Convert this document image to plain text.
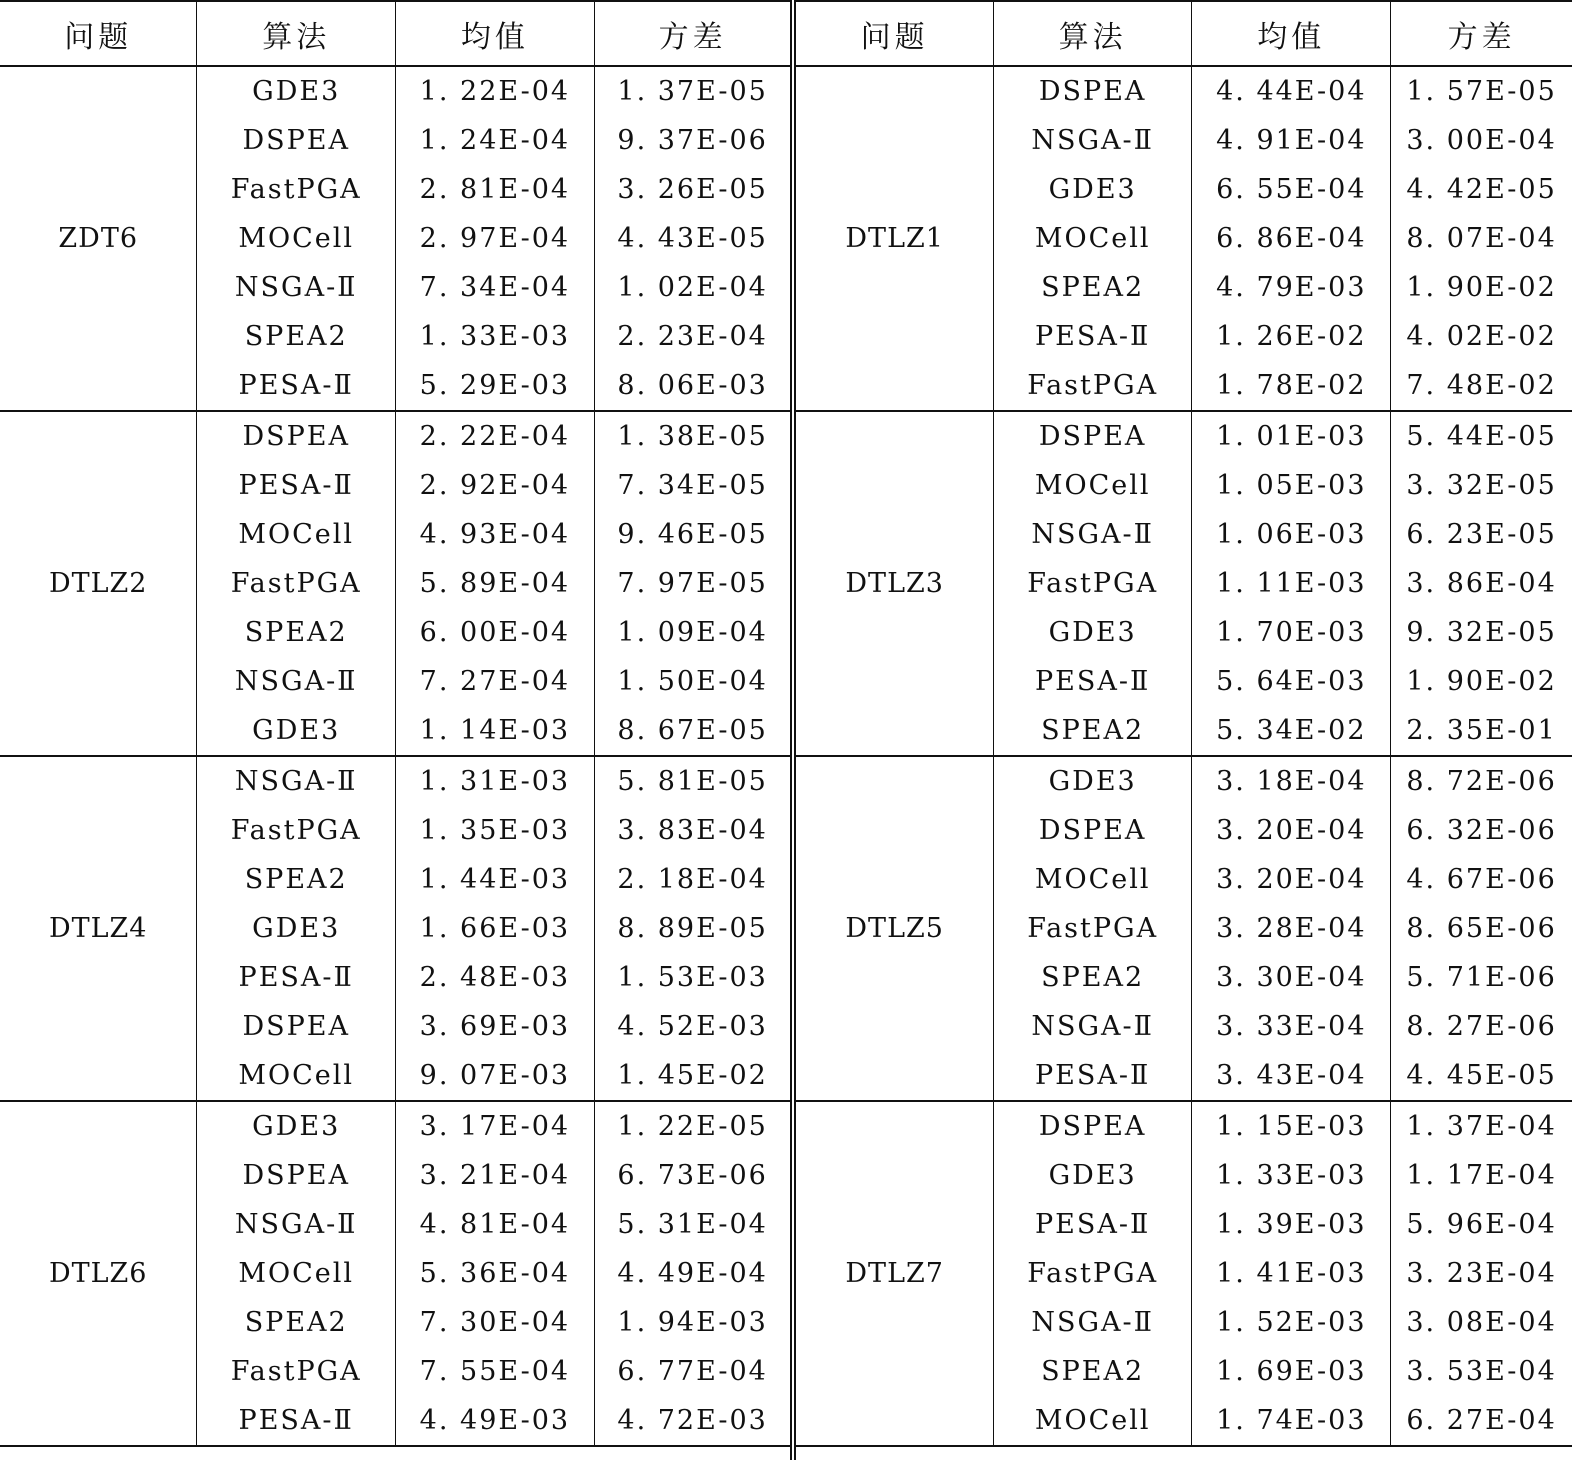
问题	算法	均值	方差
ZDT6	GDE3	1. 22E-04	1. 37E-05
	DSPEA	1. 24E-04	9. 37E-06
	FastPGA	2. 81E-04	3. 26E-05
	MOCell	2. 97E-04	4. 43E-05
	NSGA-Ⅱ	7. 34E-04	1. 02E-04
	SPEA2	1. 33E-03	2. 23E-04
	PESA-Ⅱ	5. 29E-03	8. 06E-03
DTLZ2	DSPEA	2. 22E-04	1. 38E-05
	PESA-Ⅱ	2. 92E-04	7. 34E-05
	MOCell	4. 93E-04	9. 46E-05
	FastPGA	5. 89E-04	7. 97E-05
	SPEA2	6. 00E-04	1. 09E-04
	NSGA-Ⅱ	7. 27E-04	1. 50E-04
	GDE3	1. 14E-03	8. 67E-05
DTLZ4	NSGA-Ⅱ	1. 31E-03	5. 81E-05
	FastPGA	1. 35E-03	3. 83E-04
	SPEA2	1. 44E-03	2. 18E-04
	GDE3	1. 66E-03	8. 89E-05
	PESA-Ⅱ	2. 48E-03	1. 53E-03
	DSPEA	3. 69E-03	4. 52E-03
	MOCell	9. 07E-03	1. 45E-02
DTLZ6	GDE3	3. 17E-04	1. 22E-05
	DSPEA	3. 21E-04	6. 73E-06
	NSGA-Ⅱ	4. 81E-04	5. 31E-04
	MOCell	5. 36E-04	4. 49E-04
	SPEA2	7. 30E-04	1. 94E-03
	FastPGA	7. 55E-04	6. 77E-04
	PESA-Ⅱ	4. 49E-03	4. 72E-03
问题	算法	均值	方差
DTLZ1	DSPEA	4. 44E-04	1. 57E-05
	NSGA-Ⅱ	4. 91E-04	3. 00E-04
	GDE3	6. 55E-04	4. 42E-05
	MOCell	6. 86E-04	8. 07E-04
	SPEA2	4. 79E-03	1. 90E-02
	PESA-Ⅱ	1. 26E-02	4. 02E-02
	FastPGA	1. 78E-02	7. 48E-02
DTLZ3	DSPEA	1. 01E-03	5. 44E-05
	MOCell	1. 05E-03	3. 32E-05
	NSGA-Ⅱ	1. 06E-03	6. 23E-05
	FastPGA	1. 11E-03	3. 86E-04
	GDE3	1. 70E-03	9. 32E-05
	PESA-Ⅱ	5. 64E-03	1. 90E-02
	SPEA2	5. 34E-02	2. 35E-01
DTLZ5	GDE3	3. 18E-04	8. 72E-06
	DSPEA	3. 20E-04	6. 32E-06
	MOCell	3. 20E-04	4. 67E-06
	FastPGA	3. 28E-04	8. 65E-06
	SPEA2	3. 30E-04	5. 71E-06
	NSGA-Ⅱ	3. 33E-04	8. 27E-06
	PESA-Ⅱ	3. 43E-04	4. 45E-05
DTLZ7	DSPEA	1. 15E-03	1. 37E-04
	GDE3	1. 33E-03	1. 17E-04
	PESA-Ⅱ	1. 39E-03	5. 96E-04
	FastPGA	1. 41E-03	3. 23E-04
	NSGA-Ⅱ	1. 52E-03	3. 08E-04
	SPEA2	1. 69E-03	3. 53E-04
	MOCell	1. 74E-03	6. 27E-04
